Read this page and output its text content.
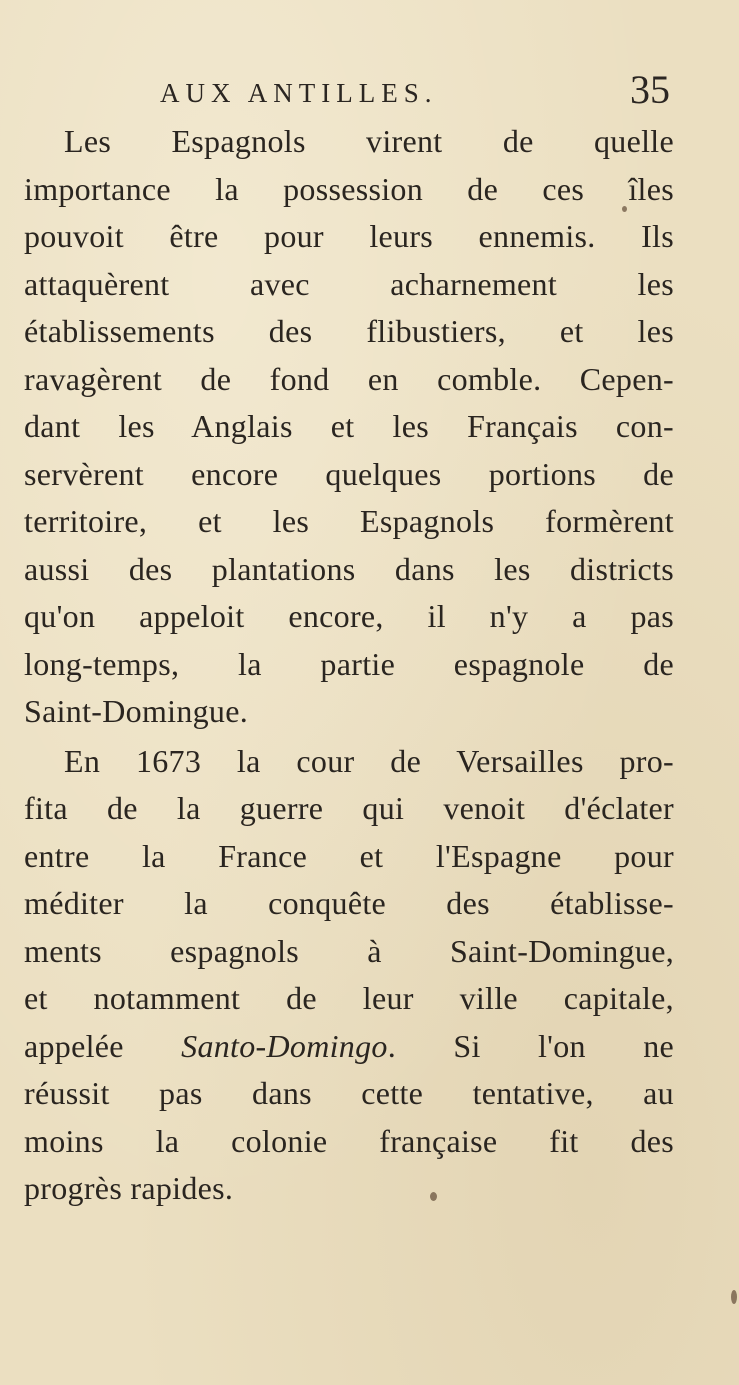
AUX ANTILLES.	35
Les Espagnols virent de quelle
importance la possession de ces îles
pouvoit être pour leurs ennemis. Ils
attaquèrent avec acharnement les
établissements des flibustiers, et les
ravagèrent de fond en comble. Cepen-
dant les Anglais et les Français con-
servèrent encore quelques portions de
territoire, et les Espagnols formèrent
aussi des plantations dans les districts
qu'on appeloit encore, il n'y a pas
long-temps, la partie espagnole de
Saint-Domingue.
En 1673 la cour de Versailles pro-
fita de la guerre qui venoit d'éclater
entre la France et l'Espagne pour
méditer la conquête des établisse-
ments espagnols à Saint-Domingue,
et notamment de leur ville capitale,
appelée Santo-Domingo. Si l'on ne
réussit pas dans cette tentative, au
moins la colonie française fit des
progrès rapides.
